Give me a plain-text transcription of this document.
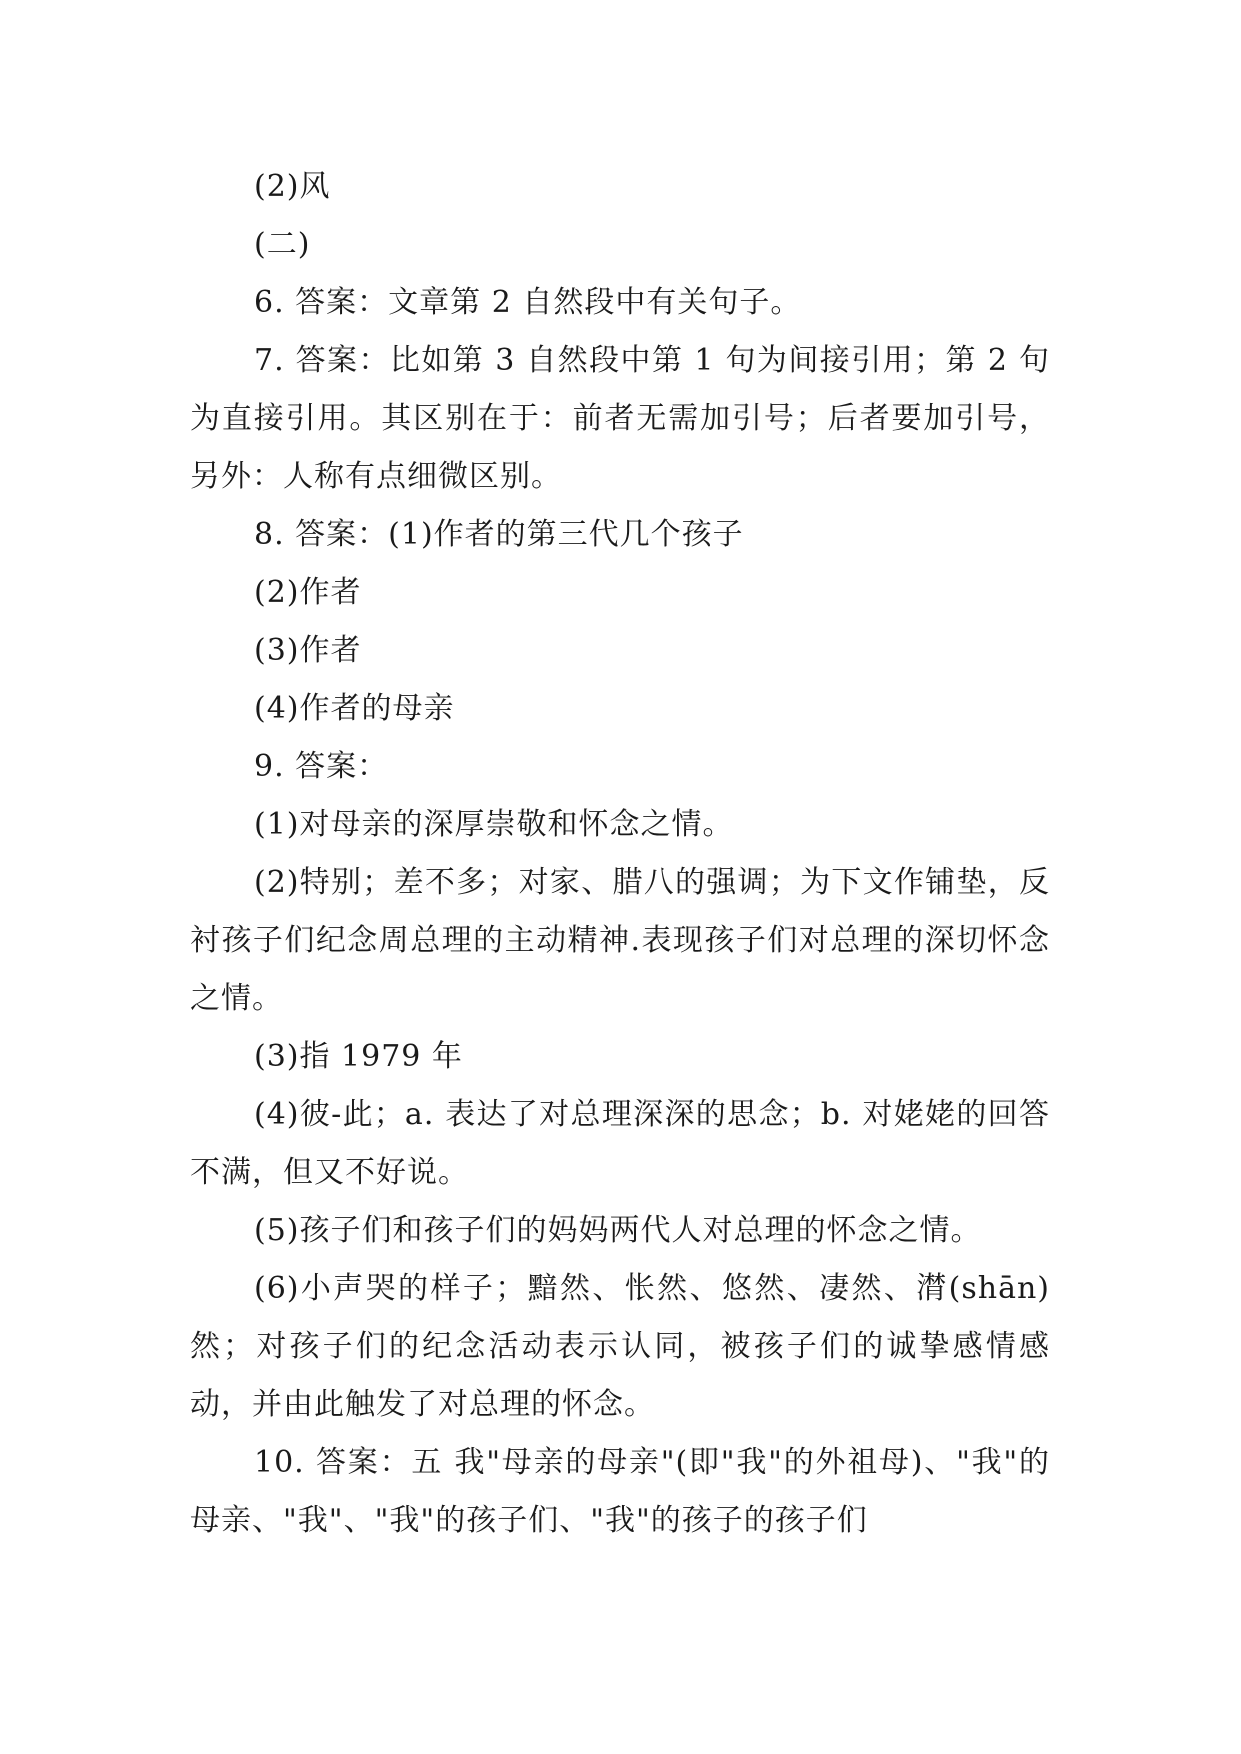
(2)风

(二)

6. 答案：文章第 2 自然段中有关句子。

7. 答案：比如第 3 自然段中第 1 句为间接引用；第 2 句为直接引用。其区别在于：前者无需加引号；后者要加引号，另外：人称有点细微区别。

8. 答案：(1)作者的第三代几个孩子

(2)作者

(3)作者

(4)作者的母亲

9. 答案：

(1)对母亲的深厚崇敬和怀念之情。

(2)特别；差不多；对家、腊八的强调；为下文作铺垫，反衬孩子们纪念周总理的主动精神.表现孩子们对总理的深切怀念之情。

(3)指 1979 年

(4)彼-此；a. 表达了对总理深深的思念；b. 对姥姥的回答不满，但又不好说。

(5)孩子们和孩子们的妈妈两代人对总理的怀念之情。

(6)小声哭的样子；黯然、怅然、悠然、凄然、潸(shān)然；对孩子们的纪念活动表示认同，被孩子们的诚挚感情感动，并由此触发了对总理的怀念。

10. 答案：五 我"母亲的母亲"(即"我"的外祖母)、"我"的母亲、"我"、"我"的孩子们、"我"的孩子的孩子们
